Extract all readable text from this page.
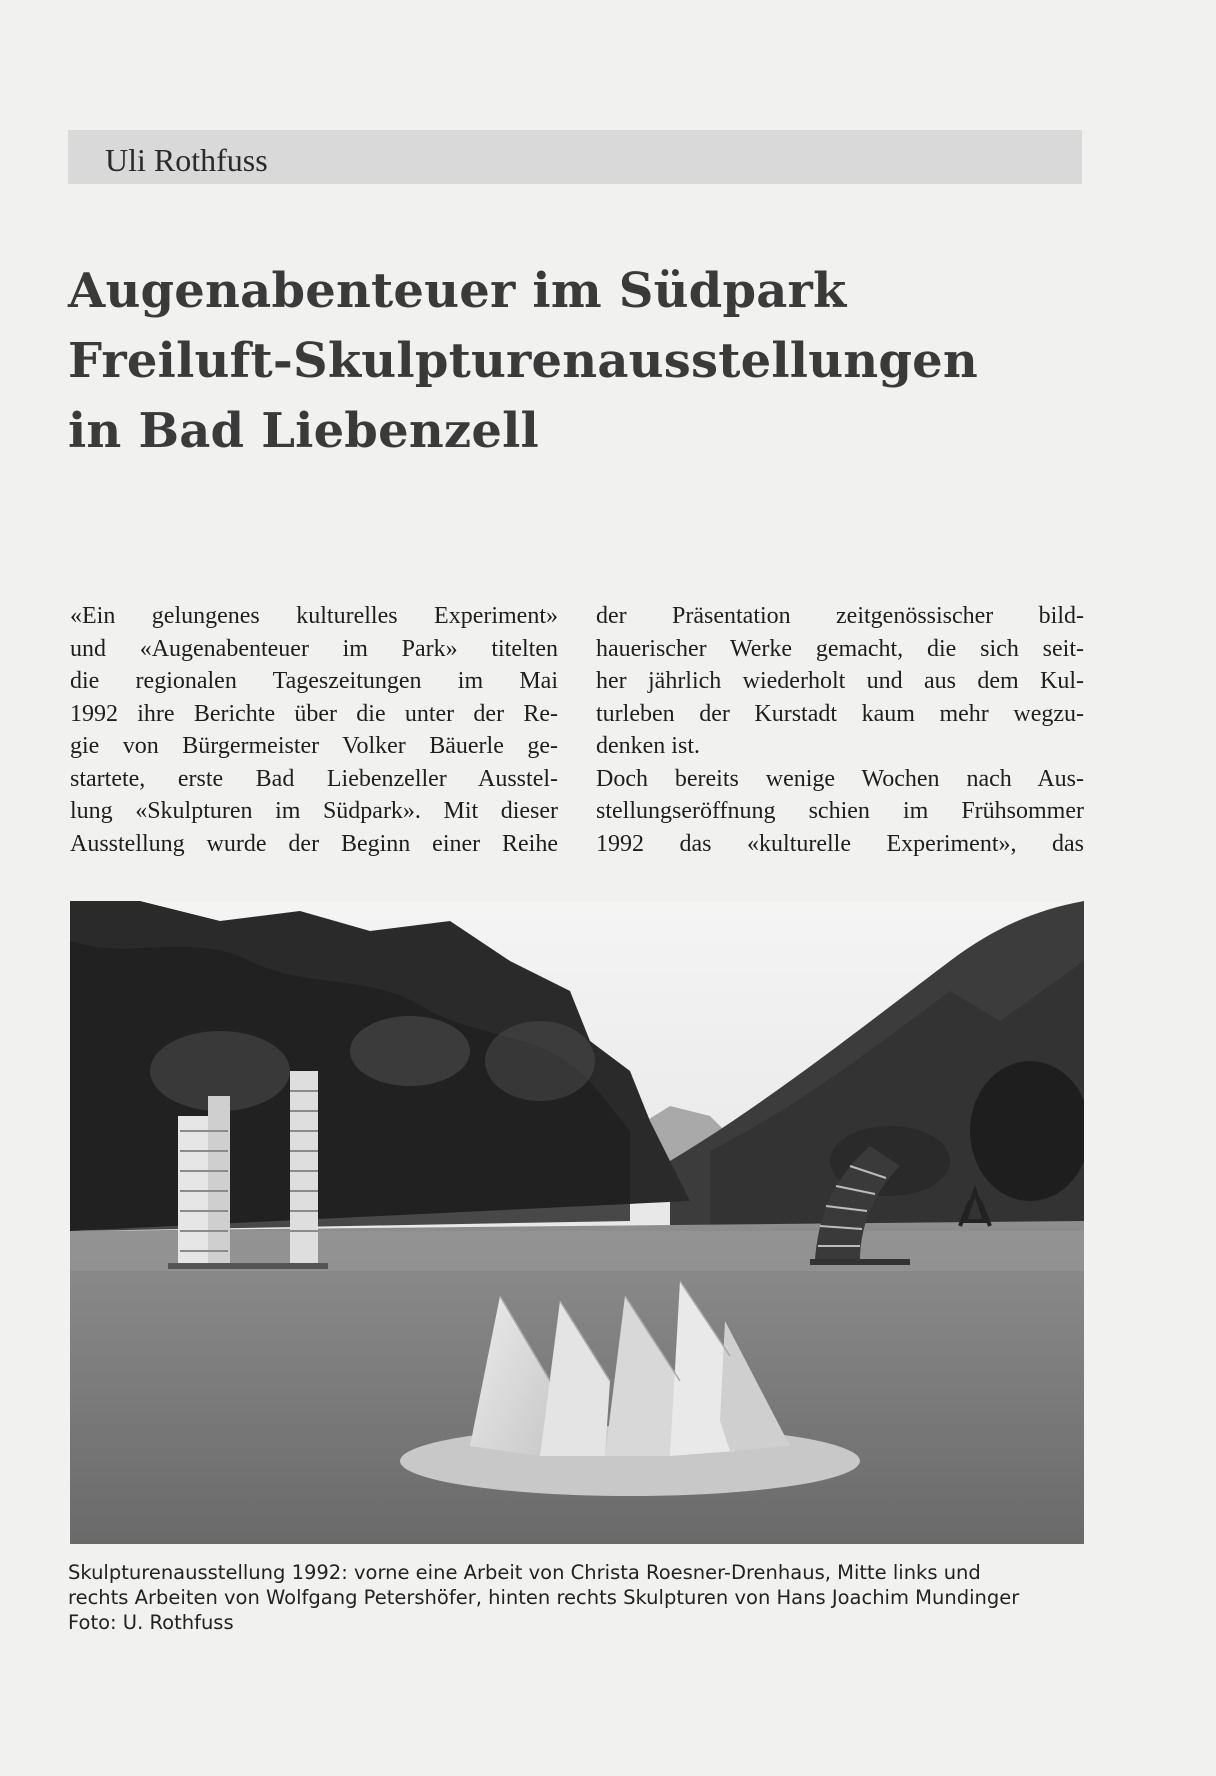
Uli Rothfuss
Augenabenteuer im Südpark
Freiluft-Skulpturenausstellungen
in Bad Liebenzell

«Ein gelungenes kulturelles Experiment»

und «Augenabenteuer im Park» titelten

die regionalen Tageszeitungen im Mai

1992 ihre Berichte über die unter der Re-

gie von Bürgermeister Volker Bäuerle ge-

startete, erste Bad Liebenzeller Ausstel-

lung «Skulpturen im Südpark». Mit dieser

Ausstellung wurde der Beginn einer Reihe

der Präsentation zeitgenössischer bild-

hauerischer Werke gemacht, die sich seit-

her jährlich wiederholt und aus dem Kul-

turleben der Kurstadt kaum mehr wegzu-

denken ist.

Doch bereits wenige Wochen nach Aus-

stellungseröffnung schien im Frühsommer

1992 das «kulturelle Experiment», das

Skulpturenausstellung 1992: vorne eine Arbeit von Christa Roesner-Drenhaus, Mitte links und
rechts Arbeiten von Wolfgang Petershöfer, hinten rechts Skulpturen von Hans Joachim Mundinger
Foto: U. Rothfuss
